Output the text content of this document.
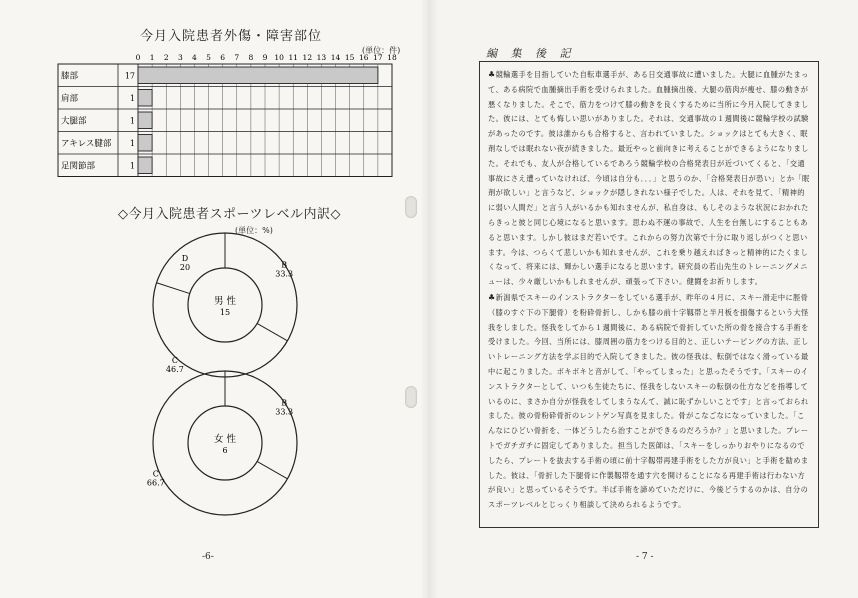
今月入院患者外傷・障害部位
(単位：件)
0 1 2 3 4 5 6 7 8 9 10 11 12 13 14 15 16 17 18
膝部	17
肩部	1
大腿部	1
アキレス腱部 1
足関節部	1
◇今月入院患者スポーツレベル内訳◇
(単位：%)
B
33.3
C
46.7
D
20
男 性
15
B
33.3
C
66.7
女 性
6
-6-
編 集 後 記

♣競輪選手を目指していた自転車選手が、ある日交通事故に遭いました。大腿に血腫がたまって、ある病院で血腫摘出手術を受けられました。血腫摘出後、大腿の筋肉が瘦せ、膝の動きが悪くなりました。そこで、筋力をつけて膝の動きを良くするために当所に今月入院してきました。彼には、とても悔しい思いがありました。それは、交通事故の１週間後に競輪学校の試験があったのです。彼は誰からも合格すると、言われていました。ショックはとても大きく、眠剤なしでは眠れない夜が続きました。最近やっと前向きに考えることができるようになりました。それでも、友人が合格しているであろう競輪学校の合格発表日が近づいてくると、「交通事故にさえ遭っていなければ、今頃は自分も．．．」と思うのか、「合格発表日が恐い」とか「眠剤が欲しい」と言うなど、ショックが隠しきれない様子でした。人は、それを見て、「精神的に弱い人間だ」と言う人がいるかも知れませんが、私自身は、もしそのような状況におかれたらきっと彼と同じ心境になると思います。思わぬ不運の事故で、人生を台無しにすることもあると思います。しかし彼はまだ若いです。これからの努力次第で十分に取り返しがつくと思います。今は、つらくて悲しいかも知れませんが、これを乗り越えればきっと精神的にたくましくなって、将来には、輝かしい選手になると思います。研究員の若山先生のトレーニングメニューは、少々厳しいかもしれませんが、頑張って下さい。健闘をお祈りします。

♣新潟県でスキーのインストラクターをしている選手が、昨年の４月に、スキー滑走中に脛骨（膝のすぐ下の下腿骨）を粉砕骨折し、しかも膝の前十字靱帯と半月板を損傷するという大怪我をしました。怪我をしてから１週間後に、ある病院で骨折していた所の骨を接合する手術を受けました。今回、当所には、膝周囲の筋力をつける目的と、正しいテーピングの方法、正しいトレーニング方法を学ぶ目的で入院してきました。彼の怪我は、転倒ではなく滑っている最中に起こりました。ボキボキと音がして、「やってしまった」と思ったそうです。「スキーのインストラクターとして、いつも生徒たちに、怪我をしないスキーの転倒の仕方などを指導しているのに、まさか自分が怪我をしてしまうなんて、誠に恥ずかしいことです」と言っておられました。彼の骨粉砕骨折のレントゲン写真を見ました。骨がこなごなになっていました。「こんなにひどい骨折を、一体どうしたら治すことができるのだろうか？」と思いました。プレートでガチガチに固定してありました。担当した医師は、「スキーをしっかりおやりになるのでしたら、プレートを抜去する手術の頃に前十字靱帯再建手術をした方が良い」と手術を勧めました。彼は、「骨折した下腿骨に作製靱帯を通す穴を開けることになる再建手術は行わない方が良い」と思っているそうです。半ば手術を諦めていただけに、今後どうするのかは、自分のスポーツレベルとじっくり相談して決められるようです。

- 7 -
